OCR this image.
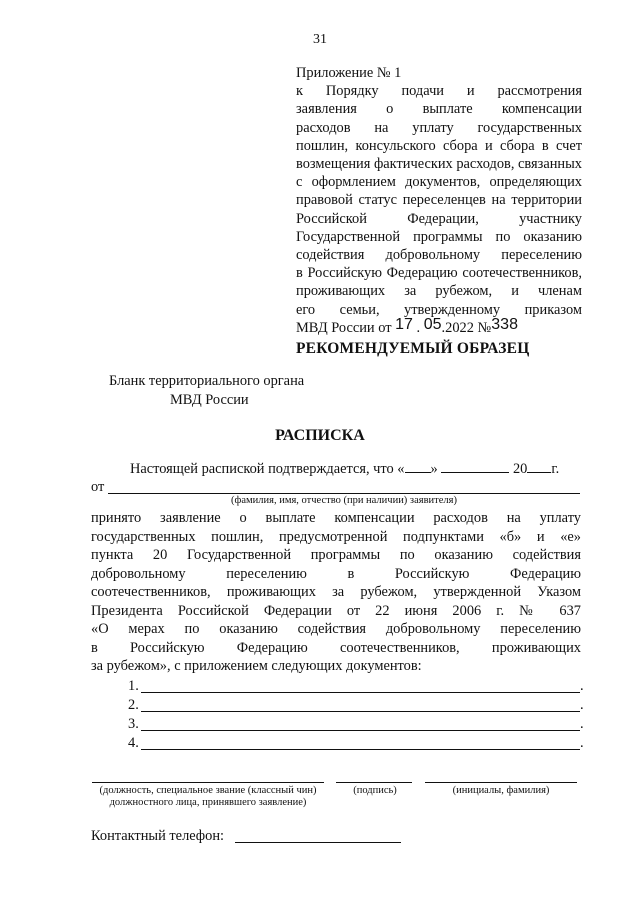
31
Приложение № 1
к Порядку подачи и рассмотрения
заявления о выплате компенсации
расходов на уплату государственных
пошлин, консульского сбора и сбора в счет
возмещения фактических расходов, связанных
с оформлением документов, определяющих
правовой статус переселенцев на территории
Российской Федерации, участнику
Государственной программы по оказанию
содействия добровольному переселению
в Российскую Федерацию соотечественников,
проживающих за рубежом, и членам
его семьи, утвержденному приказом
МВД России от 17 . 05.2022 №338
РЕКОМЕНДУЕМЫЙ ОБРАЗЕЦ
Бланк территориального органа
МВД России
РАСПИСКА
Настоящей распиской подтверждается, что « »	20 г.
от
(фамилия, имя, отчество (при наличии) заявителя)
принято заявление о выплате компенсации расходов на уплату
государственных пошлин, предусмотренной подпунктами «б» и «е»
пункта 20 Государственной программы по оказанию содействия
добровольному переселению в Российскую Федерацию
соотечественников, проживающих за рубежом, утвержденной Указом
Президента Российской Федерации от 22 июня 2006 г. № 637
«О мерах по оказанию содействия добровольному переселению
в Российскую Федерацию соотечественников, проживающих
за рубежом», с приложением следующих документов:
1.	.
2.	.
3.	.
4.	.
(должность, специальное звание (классный чин)
должностного лица, принявшего заявление)
(подпись)	(инициалы, фамилия)
Контактный телефон:
